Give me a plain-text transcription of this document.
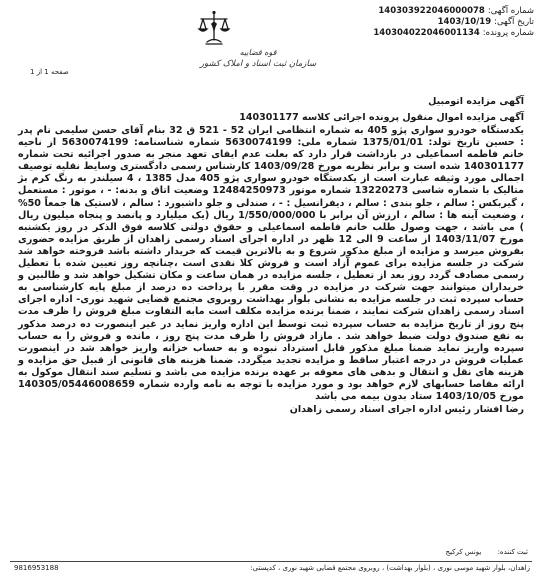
شماره آگهی: 140303922046000078
تاریخ آگهی: 1403/10/19
شماره پرونده: 140304022046001134
قوه قضاییه
سازمان ثبت اسناد و املاک کشور
صفحه 1 از 1
آگهی مزایده اتومبیل
آگهی مزایده اموال منقول پرونده اجرائی کلاسه 140301177

یکدستگاه خودرو سواری پژو 405 به شماره انتظامی ایران 52 - 521 ق 32 بنام آقای حسن سلیمی نام پدر : حسین تاریخ تولد: 1375/01/01 شماره ملی: 5630074199 شماره شناسنامه: 5630074199 از ناحیه خانم فاطمه اسماعیلی در بازداشت قرار دارد که بعلت عدم ایفای تعهد منجر به صدور اجرائیه تحت شماره 140301177 شده است و برابر نظریه مورخ 1403/09/28 کارشناس رسمی دادگستری وسایط نقلیه توصیف اجمالی مورد وثیقه عبارت است از یکدستگاه خودرو سواری پژو 405 مدل 1385 ، 4 سیلندر به رنگ کرم بژ متالیک با شماره شاسی 13220273 شماره موتور 12484250973 وضعیت اتاق و بدنه: - ، موتور : مستعمل ، گیربکس : سالم ، جلو بندی : سالم ، دیفرانسیل : - ، صندلی و جلو داشبورد : سالم ، لاستیک ها جمعاً 50% ، وضعیت آینه ها : سالم ، ارزش آن برابر با 1/550/000/000 ریال (یک میلیارد و پانصد و پنجاه میلیون ریال ) می باشد ، جهت وصول طلب خانم فاطمه اسماعیلی و حقوق دولتی کلاسه فوق الذکر در روز یکشنبه مورخ 1403/11/07 از ساعت 9 الی 12 ظهر در اداره اجرای اسناد رسمی زاهدان از طریق مزایده حضوری بفروش میرسد و مزایده از مبلغ مذکور شروع و به بالاترین قیمت که خریدار داشته باشد فروخته خواهد شد شرکت در جلسه مزایده برای عموم آزاد است و فروش کلا نقدی است ،چنانچه روز تعیین شده با تعطیل رسمی مصادف گردد روز بعد از تعطیل ، جلسه مزایده در همان ساعت و مکان تشکیل خواهد شد و طالبین و خریداران میتوانند جهت شرکت در مزایده در وقت مقرر با پرداخت ده درصد از مبلغ پایه کارشناسی به حساب سپرده ثبت در جلسه مزایده به نشانی بلوار بهداشت روبروی مجتمع قضایی شهید نوری- اداره اجرای اسناد رسمی زاهدان شرکت نمایند ، ضمنا برنده مزایده مکلف است مابه التفاوت مبلغ فروش را ظرف مدت پنج روز از تاریخ مزایده به حساب سپرده ثبت توسط این اداره واریز نماید در غیر اینصورت ده درصد مذکور به نفع صندوق دولت ضبط خواهد شد . مازاد فروش را ظرف مدت پنج روز ، مانده و فروش را به حساب سپرده واریز نماید ضمنا مبلغ مذکور قابل استرداد نبوده و به حساب خزانه واریز خواهد شد در اینصورت عملیات فروش در درجه اعتبار ساقط و مزایده تجدید میگردد. ضمنا هزینه های قانونی از قبیل حق مزایده و هزینه های نقل و انتقال و بدهی های معوقه بر عهده برنده مزایده می باشد و تسلیم سند انتقال موکول به ارائه مفاصا حسابهای لازم خواهد بود و مورد مزایده با توجه به نامه وارده شماره 140305/05446008659 مورخ 1403/10/05 ستاد بدون بیمه می باشد

رضا افشار رئیس اداره اجرای اسناد رسمی زاهدان
ثبت کننده: یونس کرکیج
زاهدان، بلوار شهید موسی نوری ، (بلوار بهداشت) ، روبروی مجتمع قضایی شهید نوری ، کدپستی:
9816953188
